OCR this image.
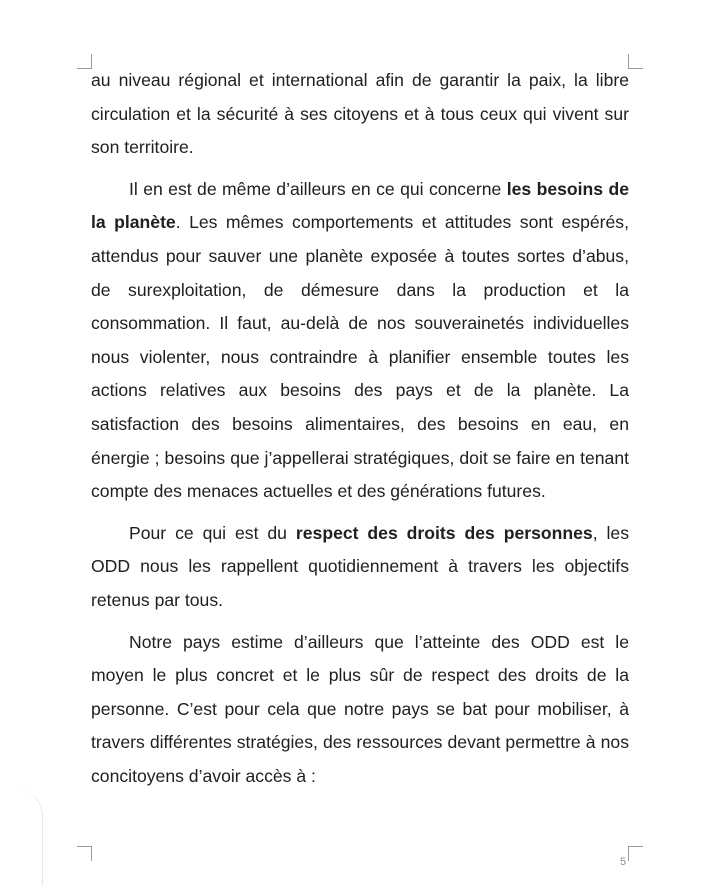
au niveau régional et international afin de garantir la paix, la libre circulation et la sécurité à ses citoyens et à tous ceux qui vivent sur son territoire.

Il en est de même d’ailleurs en ce qui concerne les besoins de la planète. Les mêmes comportements et attitudes sont espérés, attendus pour sauver une planète exposée à toutes sortes d’abus, de surexploitation, de démesure dans la production et la consommation. Il faut, au-delà de nos souverainetés individuelles nous violenter, nous contraindre à planifier ensemble toutes les actions relatives aux besoins des pays et de la planète. La satisfaction des besoins alimentaires, des besoins en eau, en énergie ; besoins que j’appellerai stratégiques, doit se faire en tenant compte des menaces actuelles et des générations futures.

Pour ce qui est du respect des droits des personnes, les ODD nous les rappellent quotidiennement à travers les objectifs retenus par tous.

Notre pays estime d’ailleurs que l’atteinte des ODD est le moyen le plus concret et le plus sûr de respect des droits de la personne. C’est pour cela que notre pays se bat pour mobiliser, à travers différentes stratégies, des ressources devant permettre à nos concitoyens d’avoir accès à :

5
